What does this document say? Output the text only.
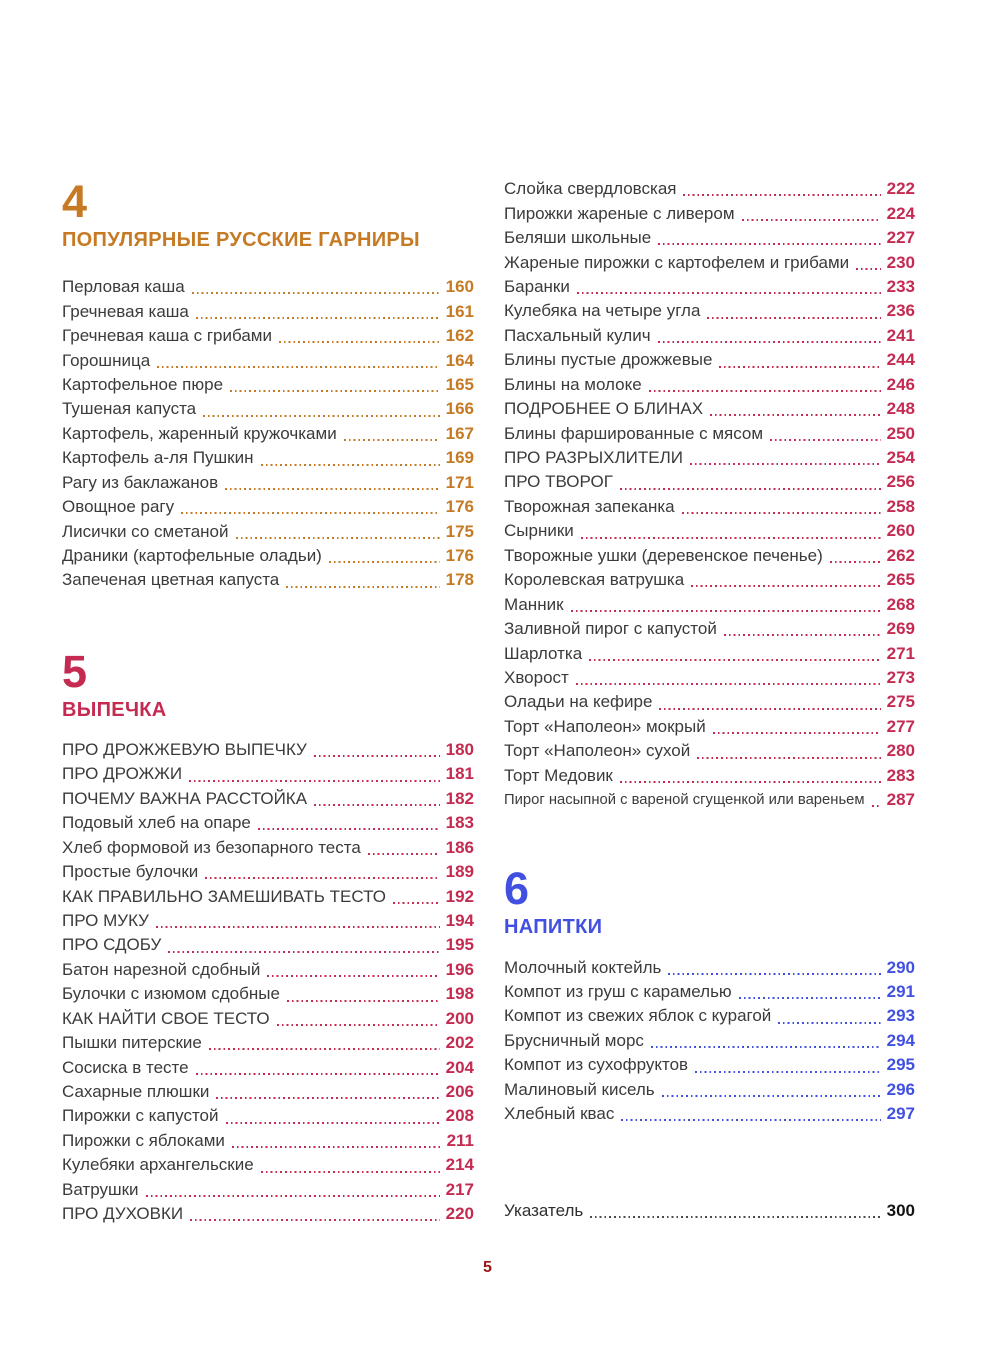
4
ПОПУЛЯРНЫЕ РУССКИЕ ГАРНИРЫ
Перловая каша	160
Гречневая каша	161
Гречневая каша с грибами	162
Горошница	164
Картофельное пюре	165
Тушеная капуста	166
Картофель, жаренный кружочками	167
Картофель а-ля Пушкин	169
Рагу из баклажанов	171
Овощное рагу	176
Лисички со сметаной	175
Драники (картофельные оладьи)	176
Запеченая цветная капуста	178
5
ВЫПЕЧКА
ПРО ДРОЖЖЕВУЮ ВЫПЕЧКУ	180
ПРО ДРОЖЖИ	181
ПОЧЕМУ ВАЖНА РАССТОЙКА	182
Подовый хлеб на опаре	183
Хлеб формовой из безопарного теста	186
Простые булочки	189
КАК ПРАВИЛЬНО ЗАМЕШИВАТЬ ТЕСТО	192
ПРО МУКУ	194
ПРО СДОБУ	195
Батон нарезной сдобный	196
Булочки с изюмом сдобные	198
КАК НАЙТИ СВОЕ ТЕСТО	200
Пышки питерские	202
Сосиска в тесте	204
Сахарные плюшки	206
Пирожки с капустой	208
Пирожки с яблоками	211
Кулебяки архангельские	214
Ватрушки	217
ПРО ДУХОВКИ	220
Слойка свердловская	222
Пирожки жареные с ливером	224
Беляши школьные	227
Жареные пирожки с картофелем и грибами 230
Баранки	233
Кулебяка на четыре угла	236
Пасхальный кулич	241
Блины пустые дрожжевые	244
Блины на молоке	246
ПОДРОБНЕЕ О БЛИНАХ	248
Блины фаршированные с мясом	250
ПРО РАЗРЫХЛИТЕЛИ	254
ПРО ТВОРОГ	256
Творожная запеканка	258
Сырники	260
Творожные ушки (деревенское печенье)	262
Королевская ватрушка	265
Манник	268
Заливной пирог с капустой	269
Шарлотка	271
Хворост	273
Оладьи на кефире	275
Торт «Наполеон» мокрый	277
Торт «Наполеон» сухой	280
Торт Медовик	283
Пирог насыпной с вареной сгущенкой или вареньем 287
6
НАПИТКИ
Молочный коктейль	290
Компот из груш с карамелью	291
Компот из свежих яблок с курагой	293
Брусничный морс	294
Компот из сухофруктов	295
Малиновый кисель	296
Хлебный квас	297
Указатель	300
5
